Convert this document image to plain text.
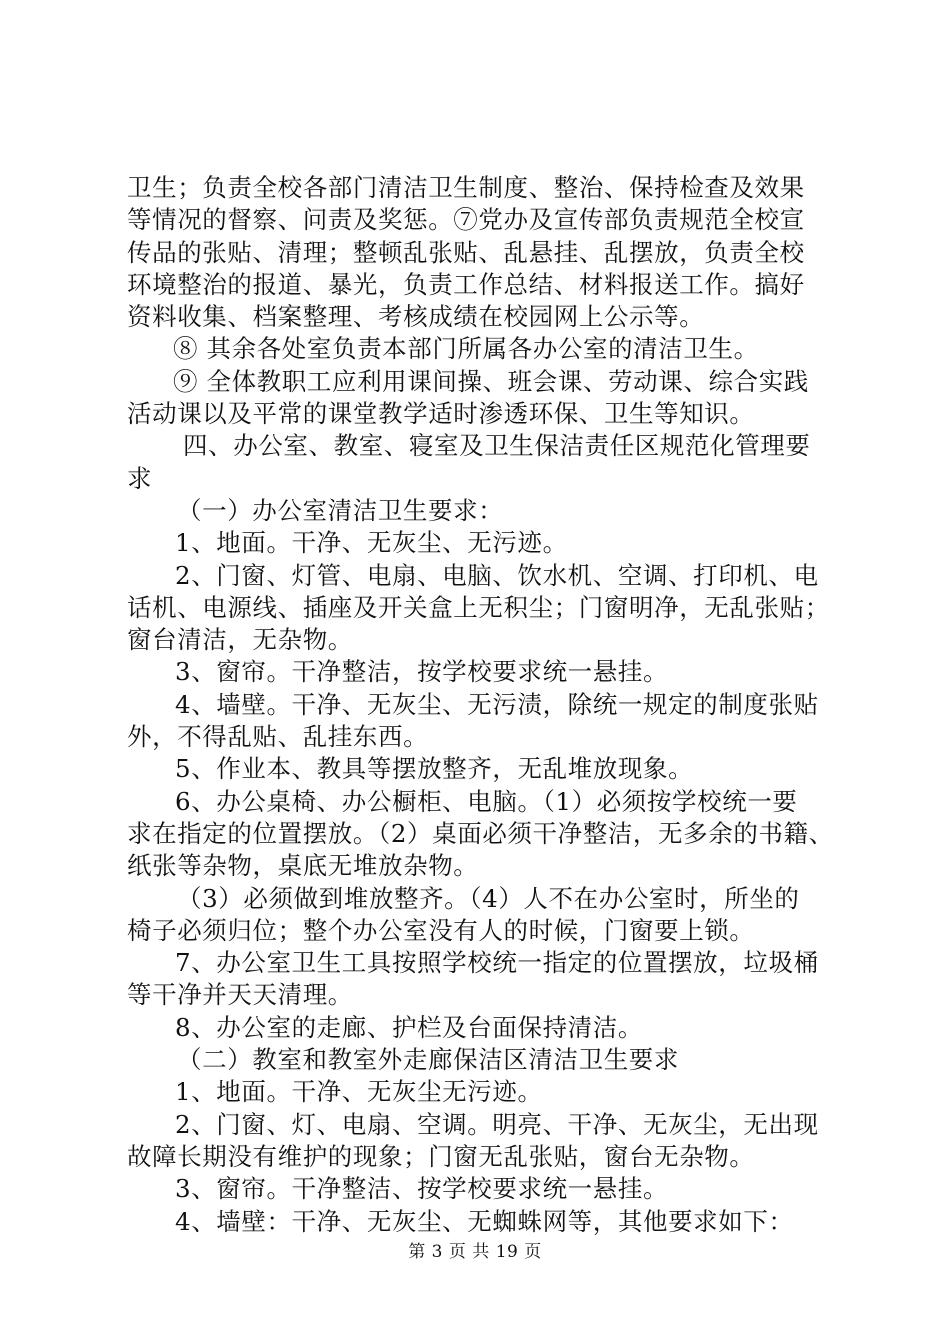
卫生；负责全校各部门清洁卫生制度、整治、保持检查及效果
等情况的督察、问责及奖惩。⑦党办及宣传部负责规范全校宣
传品的张贴、清理；整顿乱张贴、乱悬挂、乱摆放，负责全校
环境整治的报道、暴光，负责工作总结、材料报送工作。搞好
资料收集、档案整理、考核成绩在校园网上公示等。
⑧ 其余各处室负责本部门所属各办公室的清洁卫生。
⑨ 全体教职工应利用课间操、班会课、劳动课、综合实践
活动课以及平常的课堂教学适时渗透环保、卫生等知识。
四、办公室、教室、寝室及卫生保洁责任区规范化管理要
求
（一）办公室清洁卫生要求：
1、地面。干净、无灰尘、无污迹。
2、门窗、灯管、电扇、电脑、饮水机、空调、打印机、电
话机、电源线、插座及开关盒上无积尘；门窗明净，无乱张贴；
窗台清洁，无杂物。
3、窗帘。干净整洁，按学校要求统一悬挂。
4、墙壁。干净、无灰尘、无污渍，除统一规定的制度张贴
外，不得乱贴、乱挂东西。
5、作业本、教具等摆放整齐，无乱堆放现象。
6、办公桌椅、办公橱柜、电脑。（1）必须按学校统一要
求在指定的位置摆放。（2）桌面必须干净整洁，无多余的书籍、
纸张等杂物，桌底无堆放杂物。
（3）必须做到堆放整齐。（4）人不在办公室时，所坐的
椅子必须归位；整个办公室没有人的时候，门窗要上锁。
7、办公室卫生工具按照学校统一指定的位置摆放，垃圾桶
等干净并天天清理。
8、办公室的走廊、护栏及台面保持清洁。
（二）教室和教室外走廊保洁区清洁卫生要求
1、地面。干净、无灰尘无污迹。
2、门窗、灯、电扇、空调。明亮、干净、无灰尘，无出现
故障长期没有维护的现象；门窗无乱张贴，窗台无杂物。
3、窗帘。干净整洁、按学校要求统一悬挂。
4、墙壁：干净、无灰尘、无蜘蛛网等，其他要求如下：
第 3 页 共 19 页
